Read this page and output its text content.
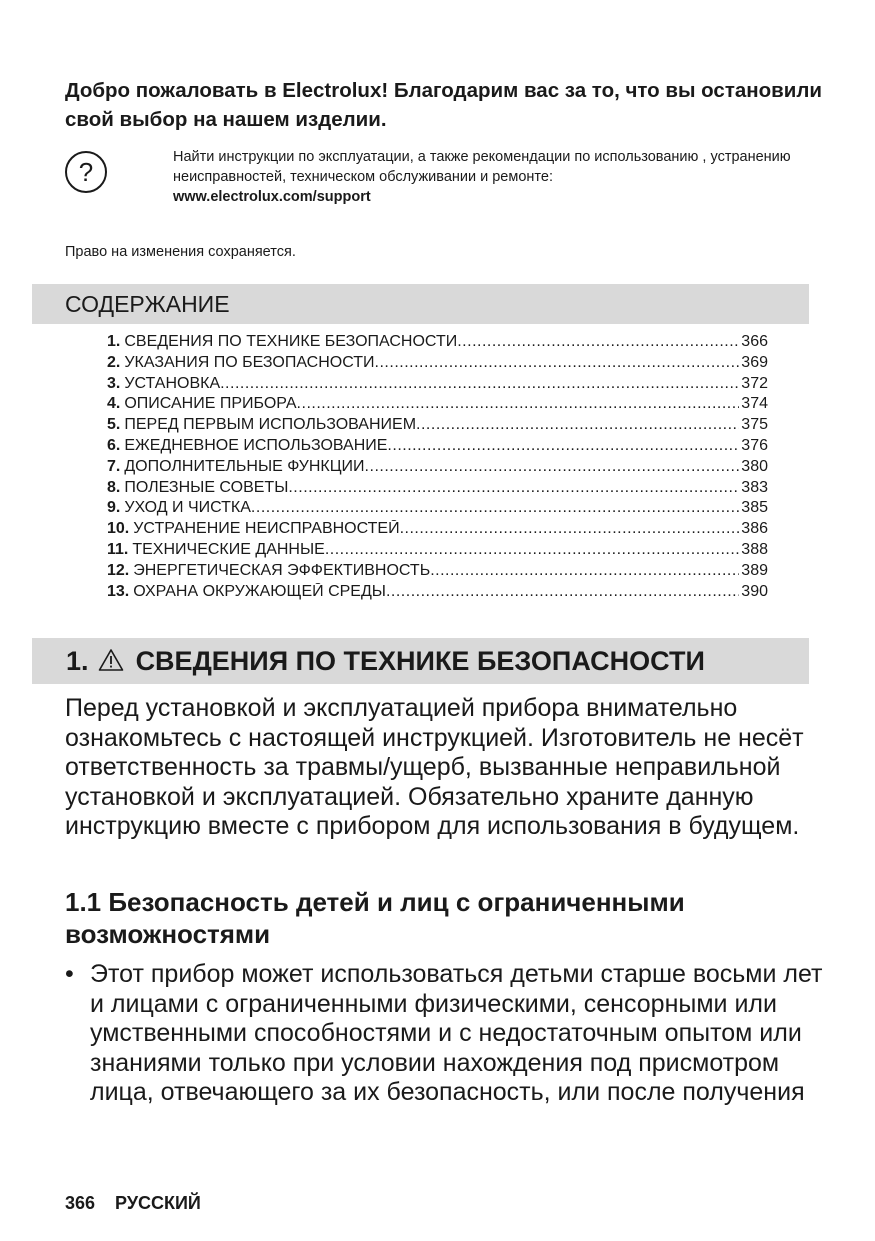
Добро пожаловать в Electrolux! Благодарим вас за то, что вы остановили свой выбор на нашем изделии.

?	Найти инструкции по эксплуатации, а также рекомендации по использованию , устранению неисправностей, техническом обслуживании и ремонте:
www.electrolux.com/support

Право на изменения сохраняется.

СОДЕРЖАНИЕ
1. СВЕДЕНИЯ ПО ТЕХНИКЕ БЕЗОПАСНОСТИ .....	366
2. УКАЗАНИЯ ПО БЕЗОПАСНОСТИ .....	369
3. УСТАНОВКА .....	372
4. ОПИСАНИЕ ПРИБОРА .....	374
5. ПЕРЕД ПЕРВЫМ ИСПОЛЬЗОВАНИЕМ .....	375
6. ЕЖЕДНЕВНОЕ ИСПОЛЬЗОВАНИЕ .....	376
7. ДОПОЛНИТЕЛЬНЫЕ ФУНКЦИИ .....	380
8. ПОЛЕЗНЫЕ СОВЕТЫ .....	383
9. УХОД И ЧИСТКА .....	385
10. УСТРАНЕНИЕ НЕИСПРАВНОСТЕЙ .....	386
11. ТЕХНИЧЕСКИЕ ДАННЫЕ .....	388
12. ЭНЕРГЕТИЧЕСКАЯ ЭФФЕКТИВНОСТЬ .....	389
13. ОХРАНА ОКРУЖАЮЩЕЙ СРЕДЫ .....	390
1. СВЕДЕНИЯ ПО ТЕХНИКЕ БЕЗОПАСНОСТИ

Перед установкой и эксплуатацией прибора внимательно ознакомьтесь с настоящей инструкцией. Изготовитель не несёт ответственность за травмы/ущерб, вызванные неправильной установкой и эксплуатацией. Обязательно храните данную инструкцию вместе с прибором для использования в будущем.

1.1 Безопасность детей и лиц с ограниченными возможностями
• Этот прибор может использоваться детьми старше восьми лет и лицами с ограниченными физическими, сенсорными или умственными способностями и с недостаточным опытом или знаниями только при условии нахождения под присмотром лица, отвечающего за их безопасность, или после получения

366 РУССКИЙ
